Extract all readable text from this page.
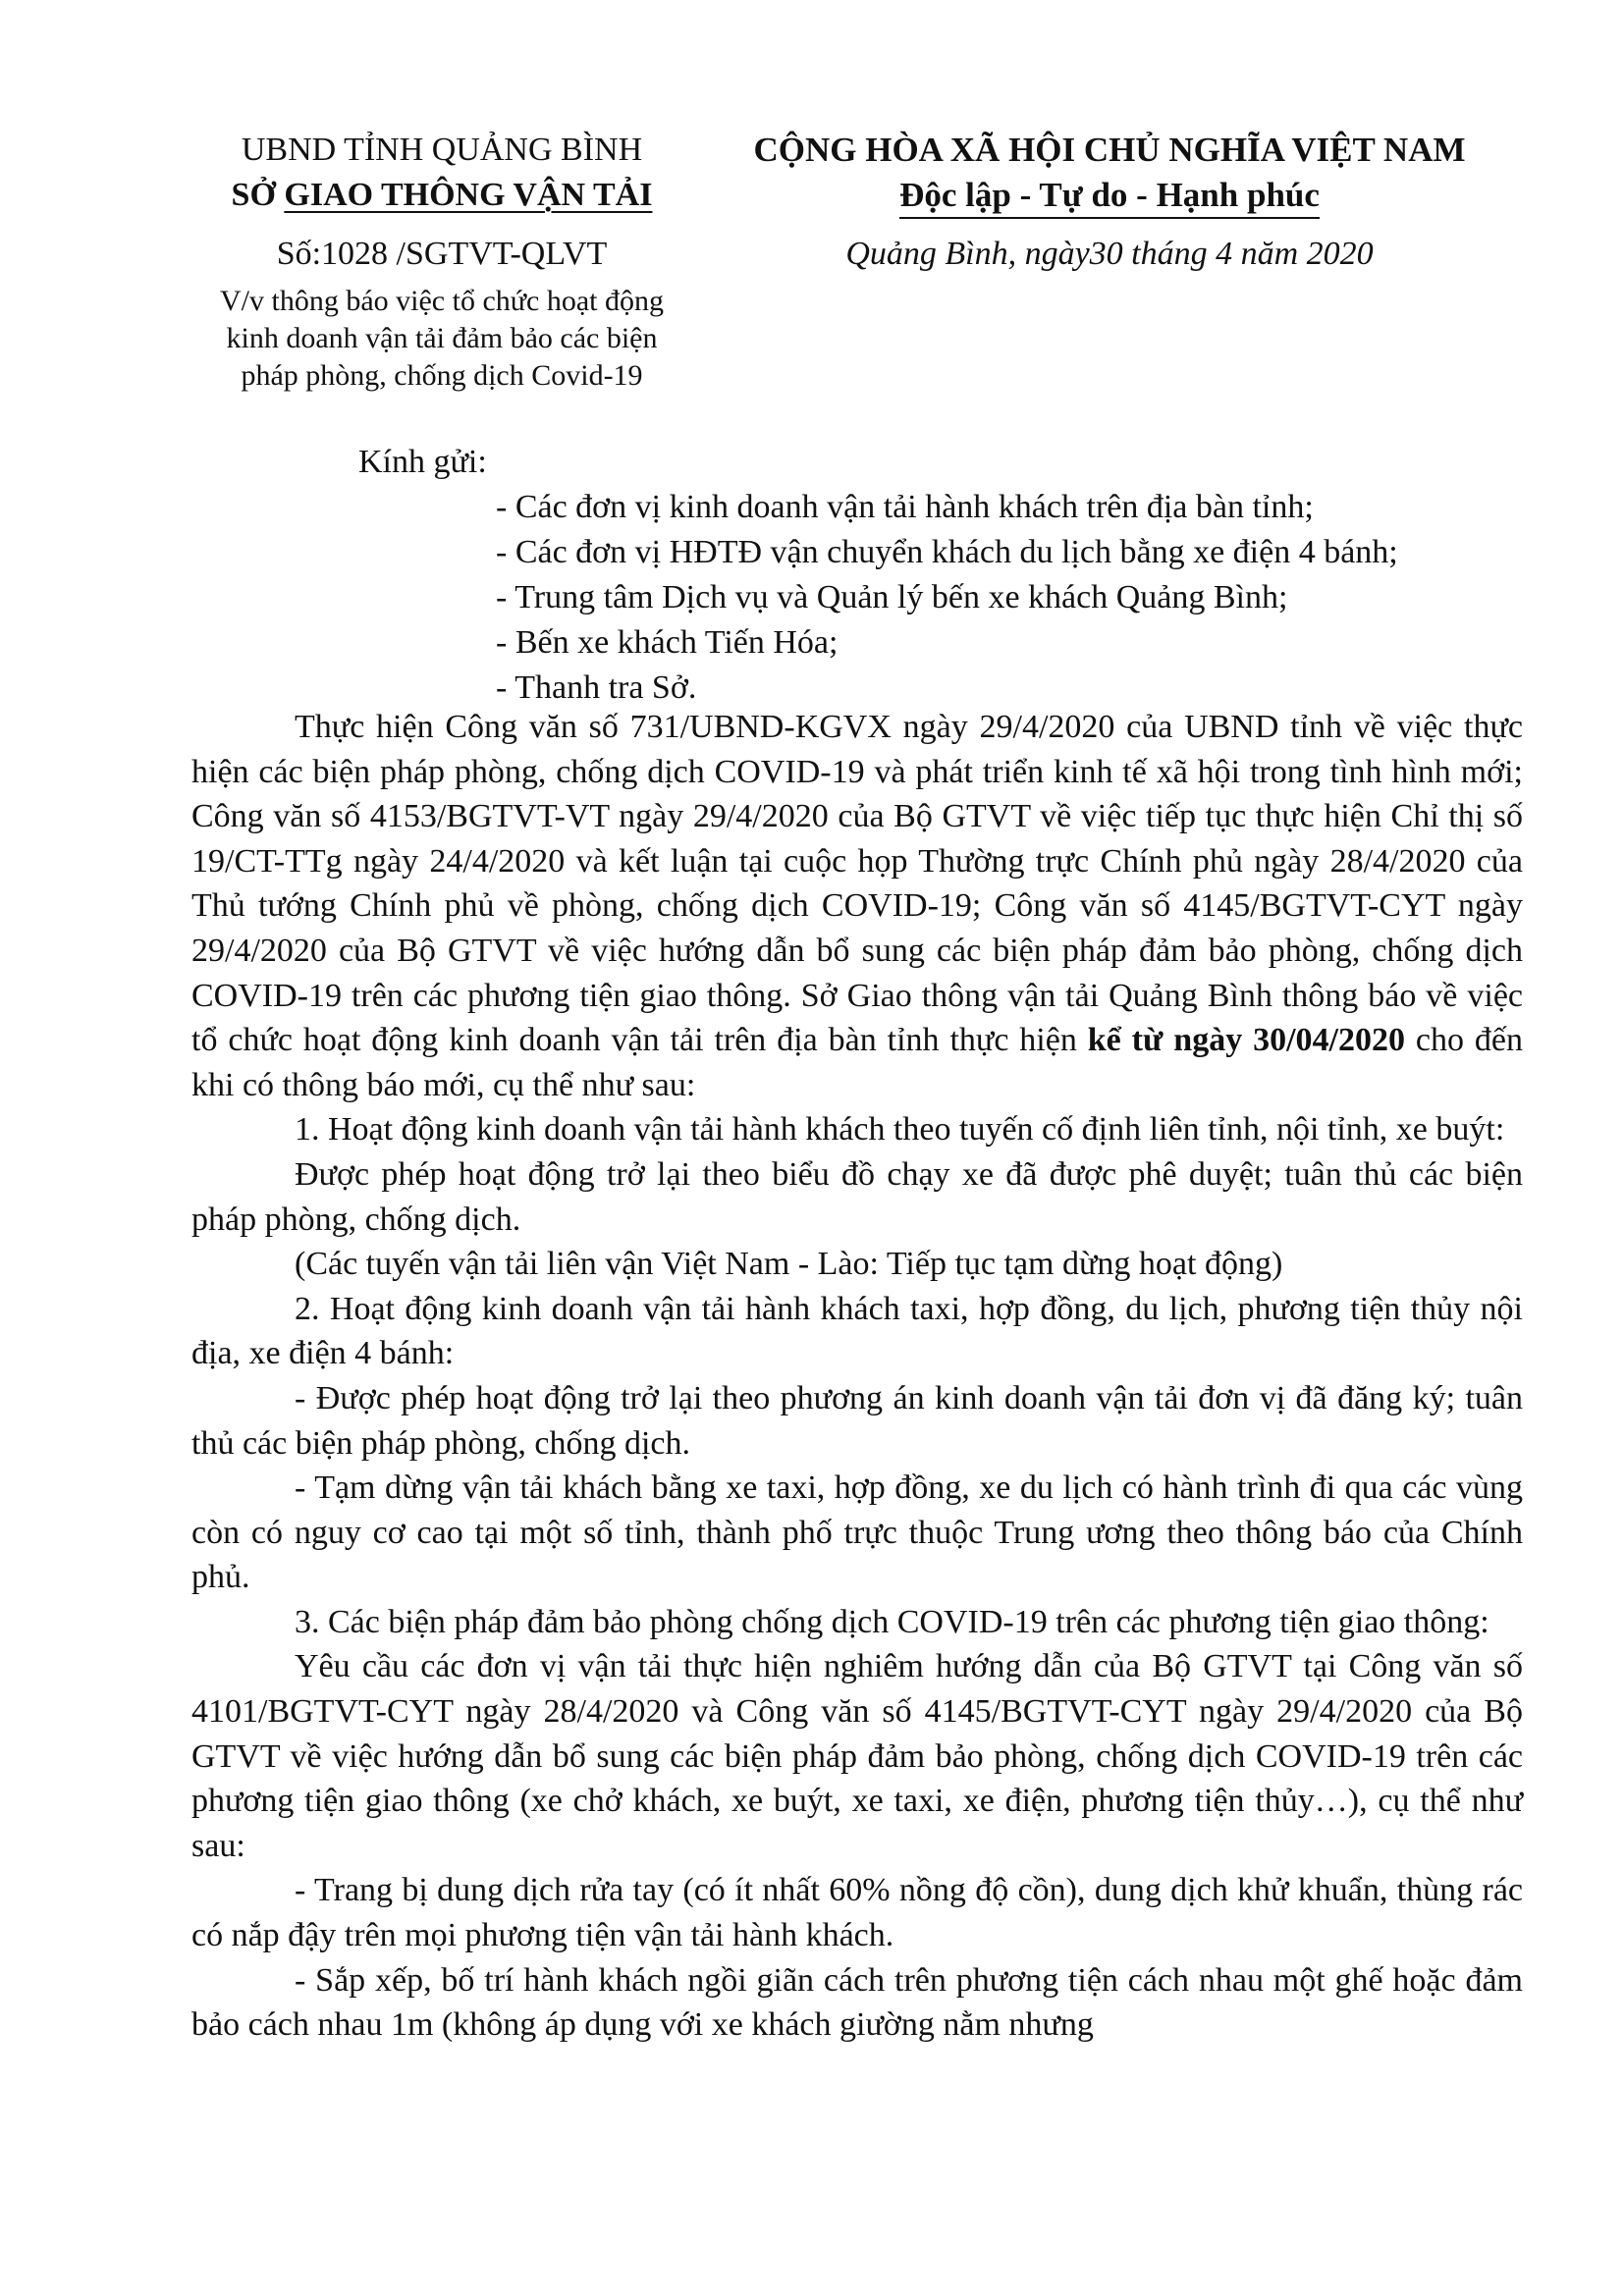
UBND TỈNH QUẢNG BÌNH
SỞ GIAO THÔNG VẬN TẢI
Số:1028 /SGTVT-QLVT
V/v thông báo việc tổ chức hoạt động
kinh doanh vận tải đảm bảo các biện
pháp phòng, chống dịch Covid-19
CỘNG HÒA XÃ HỘI CHỦ NGHĨA VIỆT NAM
Độc lập - Tự do - Hạnh phúc
Quảng Bình, ngày30 tháng 4 năm 2020
Kính gửi:
- Các đơn vị kinh doanh vận tải hành khách trên địa bàn tỉnh;
- Các đơn vị HĐTĐ vận chuyển khách du lịch bằng xe điện 4 bánh;
- Trung tâm Dịch vụ và Quản lý bến xe khách Quảng Bình;
- Bến xe khách Tiến Hóa;
- Thanh tra Sở.

Thực hiện Công văn số 731/UBND-KGVX ngày 29/4/2020 của UBND tỉnh về việc thực hiện các biện pháp phòng, chống dịch COVID-19 và phát triển kinh tế xã hội trong tình hình mới; Công văn số 4153/BGTVT-VT ngày 29/4/2020 của Bộ GTVT về việc tiếp tục thực hiện Chỉ thị số 19/CT-TTg ngày 24/4/2020 và kết luận tại cuộc họp Thường trực Chính phủ ngày 28/4/2020 của Thủ tướng Chính phủ về phòng, chống dịch COVID-19; Công văn số 4145/BGTVT-CYT ngày 29/4/2020 của Bộ GTVT về việc hướng dẫn bổ sung các biện pháp đảm bảo phòng, chống dịch COVID-19 trên các phương tiện giao thông. Sở Giao thông vận tải Quảng Bình thông báo về việc tổ chức hoạt động kinh doanh vận tải trên địa bàn tỉnh thực hiện kể từ ngày 30/04/2020 cho đến khi có thông báo mới, cụ thể như sau:

1. Hoạt động kinh doanh vận tải hành khách theo tuyến cố định liên tỉnh, nội tỉnh, xe buýt:

Được phép hoạt động trở lại theo biểu đồ chạy xe đã được phê duyệt; tuân thủ các biện pháp phòng, chống dịch.

(Các tuyến vận tải liên vận Việt Nam - Lào: Tiếp tục tạm dừng hoạt động)

2. Hoạt động kinh doanh vận tải hành khách taxi, hợp đồng, du lịch, phương tiện thủy nội địa, xe điện 4 bánh:

- Được phép hoạt động trở lại theo phương án kinh doanh vận tải đơn vị đã đăng ký; tuân thủ các biện pháp phòng, chống dịch.

- Tạm dừng vận tải khách bằng xe taxi, hợp đồng, xe du lịch có hành trình đi qua các vùng còn có nguy cơ cao tại một số tỉnh, thành phố trực thuộc Trung ương theo thông báo của Chính phủ.

3. Các biện pháp đảm bảo phòng chống dịch COVID-19 trên các phương tiện giao thông:

Yêu cầu các đơn vị vận tải thực hiện nghiêm hướng dẫn của Bộ GTVT tại Công văn số 4101/BGTVT-CYT ngày 28/4/2020 và Công văn số 4145/BGTVT-CYT ngày 29/4/2020 của Bộ GTVT về việc hướng dẫn bổ sung các biện pháp đảm bảo phòng, chống dịch COVID-19 trên các phương tiện giao thông (xe chở khách, xe buýt, xe taxi, xe điện, phương tiện thủy…), cụ thể như sau:

- Trang bị dung dịch rửa tay (có ít nhất 60% nồng độ cồn), dung dịch khử khuẩn, thùng rác có nắp đậy trên mọi phương tiện vận tải hành khách.

- Sắp xếp, bố trí hành khách ngồi giãn cách trên phương tiện cách nhau một ghế hoặc đảm bảo cách nhau 1m (không áp dụng với xe khách giường nằm nhưng
